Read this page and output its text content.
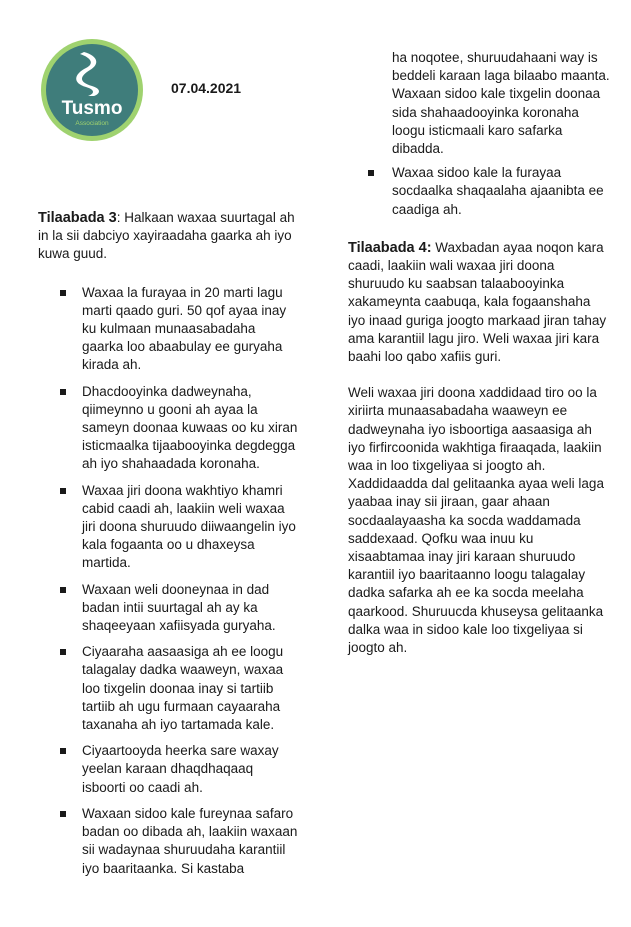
Tusmo
Association
07.04.2021

Tilaabada 3: Halkaan waxaa suurtagal ah in la sii dabciyo xayiraadaha gaarka ah iyo kuwa guud.

Waxaa la furayaa in 20 marti lagu marti qaado guri. 50 qof ayaa inay ku kulmaan munaasabadaha gaarka loo abaabulay ee guryaha kirada ah.
Dhacdooyinka dadweynaha, qiimeynno u gooni ah ayaa la sameyn doonaa kuwaas oo ku xiran isticmaalka tijaabooyinka degdegga ah iyo shahaadada koronaha.
Waxaa jiri doona wakhtiyo khamri cabid caadi ah, laakiin weli waxaa jiri doona shuruudo diiwaangelin iyo kala fogaanta oo u dhaxeysa martida.
Waxaan weli dooneynaa in dad badan intii suurtagal ah ay ka shaqeeyaan xafiisyada guryaha.
Ciyaaraha aasaasiga ah ee loogu talagalay dadka waaweyn, waxaa loo tixgelin doonaa inay si tartiib tartiib ah ugu furmaan cayaaraha taxanaha ah iyo tartamada kale.
Ciyaartooyda heerka sare waxay yeelan karaan dhaqdhaqaaq isboorti oo caadi ah.
Waxaan sidoo kale fureynaa safaro badan oo dibada ah, laakiin waxaan sii wadaynaa shuruudaha karantiil iyo baaritaanka. Si kastaba

ha noqotee, shuruudahaani way is beddeli karaan laga bilaabo maanta. Waxaan sidoo kale tixgelin doonaa sida shahaadooyinka koronaha loogu isticmaali karo safarka dibadda.

Waxaa sidoo kale la furayaa socdaalka shaqaalaha ajaanibta ee caadiga ah.

Tilaabada 4: Waxbadan ayaa noqon kara caadi, laakiin wali waxaa jiri doona shuruudo ku saabsan talaabooyinka xakameynta caabuqa, kala fogaanshaha iyo inaad guriga joogto markaad jiran tahay ama karantiil lagu jiro. Weli waxaa jiri kara baahi loo qabo xafiis guri.

Weli waxaa jiri doona xaddidaad tiro oo la xiriirta munaasabadaha waaweyn ee dadweynaha iyo isboortiga aasaasiga ah iyo firfircoonida wakhtiga firaaqada, laakiin waa in loo tixgeliyaa si joogto ah. Xaddidaadda dal gelitaanka ayaa weli laga yaabaa inay sii jiraan, gaar ahaan socdaalayaasha ka socda waddamada saddexaad. Qofku waa inuu ku xisaabtamaa inay jiri karaan shuruudo karantiil iyo baaritaanno loogu talagalay dadka safarka ah ee ka socda meelaha qaarkood. Shuruucda khuseysa gelitaanka dalka waa in sidoo kale loo tixgeliyaa si joogto ah.
